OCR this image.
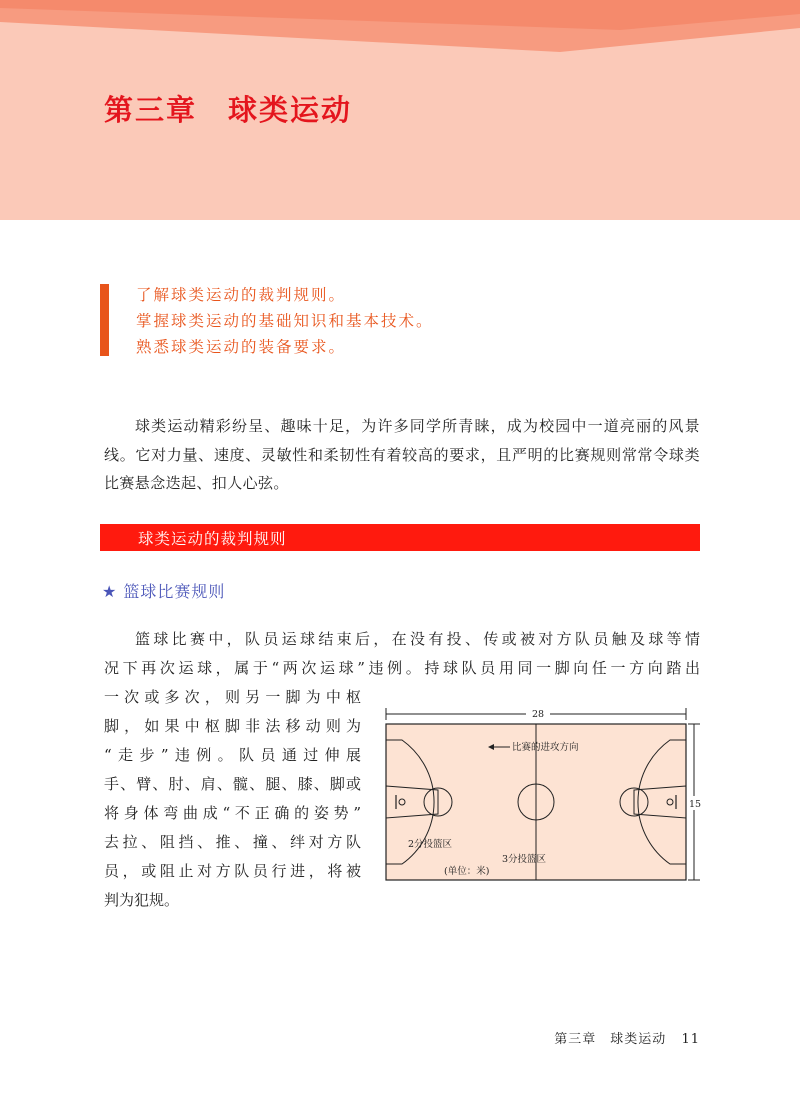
第三章　球类运动
了解球类运动的裁判规则。
掌握球类运动的基础知识和基本技术。
熟悉球类运动的装备要求。

球类运动精彩纷呈、趣味十足，为许多同学所青睐，成为校园中一道亮丽的风景线。它对力量、速度、灵敏性和柔韧性有着较高的要求，且严明的比赛规则常常令球类比赛悬念迭起、扣人心弦。

球类运动的裁判规则
★ 篮球比赛规则

篮球比赛中，队员运球结束后，在没有投、传或被对方队员触及球等情
况下再次运球，属于“两次运球”违例。持球队员用同一脚向任一方向踏出

一次或多次，则另一脚为中枢
脚，如果中枢脚非法移动则为
“走步”违例。队员通过伸展
手、臂、肘、肩、髋、腿、膝、脚或
将身体弯曲成“不正确的姿势”
去拉、阻挡、推、撞、绊对方队
员，或阻止对方队员行进，将被
判为犯规。

28
比赛的进攻方向
2分投篮区
3分投篮区
(单位：米)
15
第三章　球类运动 11
